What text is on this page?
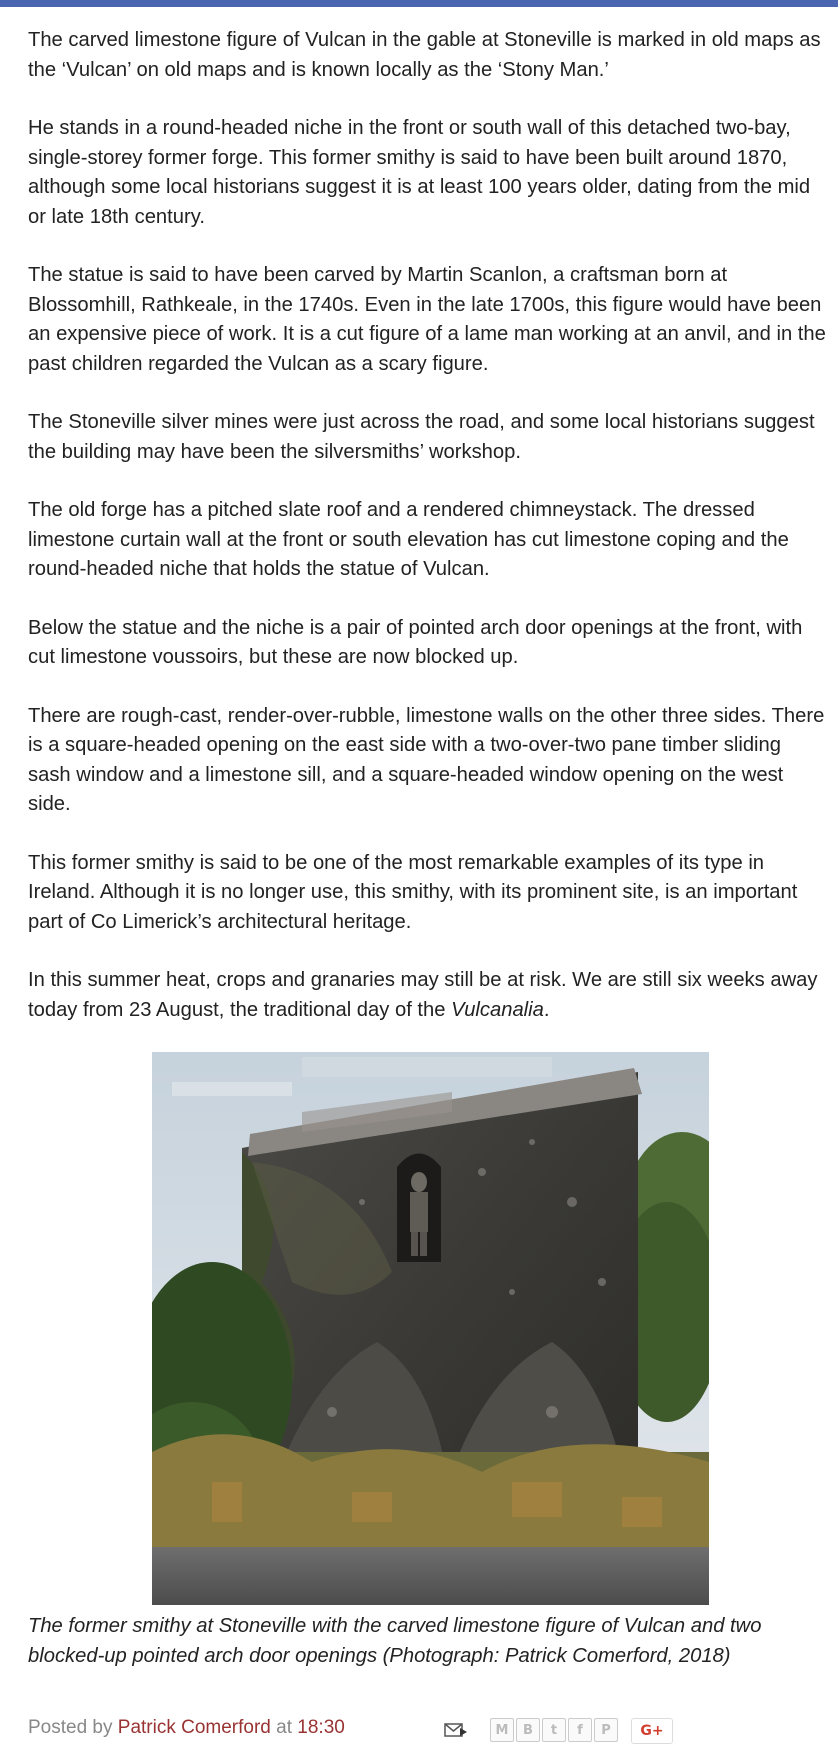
The carved limestone figure of Vulcan in the gable at Stoneville is marked in old maps as the ‘Vulcan’ on old maps and is known locally as the ‘Stony Man.’

He stands in a round-headed niche in the front or south wall of this detached two-bay, single-storey former forge. This former smithy is said to have been built around 1870, although some local historians suggest it is at least 100 years older, dating from the mid or late 18th century.

The statue is said to have been carved by Martin Scanlon, a craftsman born at Blossomhill, Rathkeale, in the 1740s. Even in the late 1700s, this figure would have been an expensive piece of work. It is a cut figure of a lame man working at an anvil, and in the past children regarded the Vulcan as a scary figure.

The Stoneville silver mines were just across the road, and some local historians suggest the building may have been the silversmiths’ workshop.

The old forge has a pitched slate roof and a rendered chimneystack. The dressed limestone curtain wall at the front or south elevation has cut limestone coping and the round-headed niche that holds the statue of Vulcan.

Below the statue and the niche is a pair of pointed arch door openings at the front, with cut limestone voussoirs, but these are now blocked up.

There are rough-cast, render-over-rubble, limestone walls on the other three sides. There is a square-headed opening on the east side with a two-over-two pane timber sliding sash window and a limestone sill, and a square-headed window opening on the west side.

This former smithy is said to be one of the most remarkable examples of its type in Ireland. Although it is no longer use, this smithy, with its prominent site, is an important part of Co Limerick’s architectural heritage.

In this summer heat, crops and granaries may still be at risk. We are still six weeks away today from 23 August, the traditional day of the Vulcanalia.

The former smithy at Stoneville with the carved limestone figure of Vulcan and two blocked-up pointed arch door openings (Photograph: Patrick Comerford, 2018)
Posted by Patrick Comerford at 18:30	M	B	t	f	P	G+
